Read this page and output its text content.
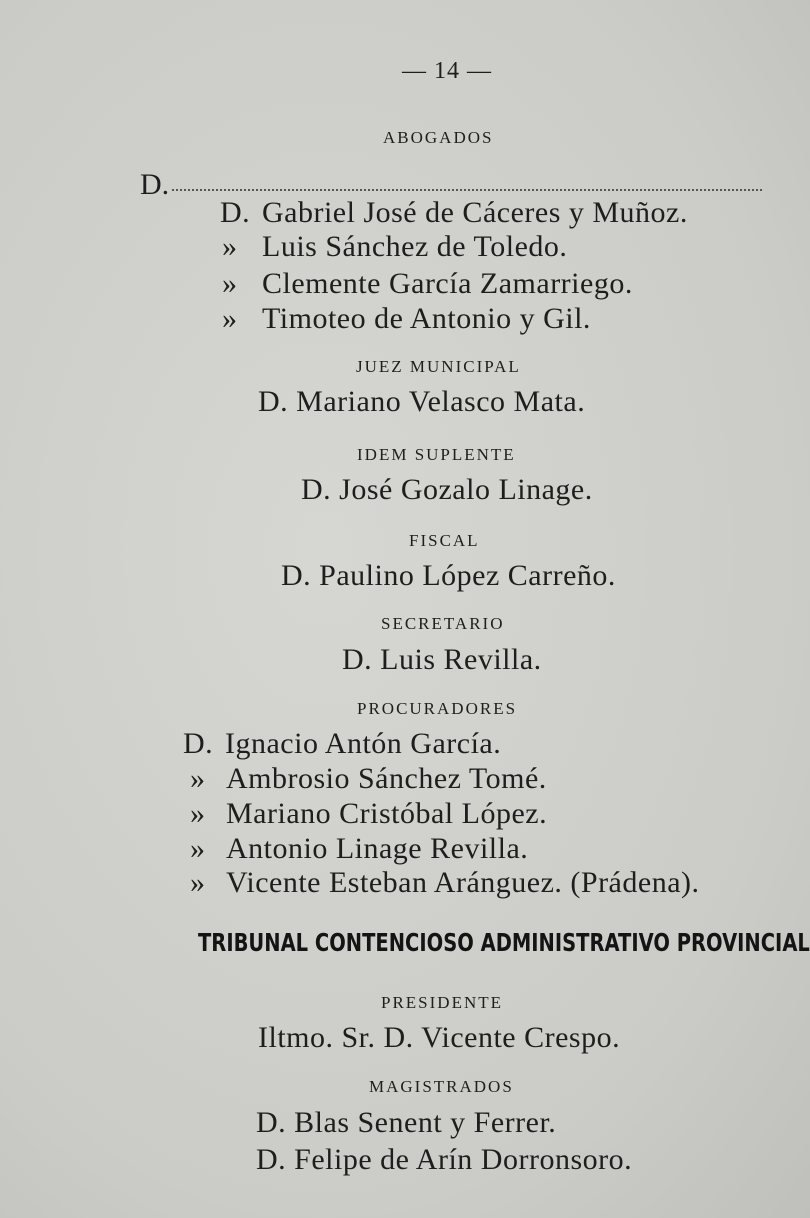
— 14 —
ABOGADOS
D.
D. Gabriel José de Cáceres y Muñoz.
» Luis Sánchez de Toledo.
» Clemente García Zamarriego.
» Timoteo de Antonio y Gil.
JUEZ MUNICIPAL
D. Mariano Velasco Mata.
IDEM SUPLENTE
D. José Gozalo Linage.
FISCAL
D. Paulino López Carreño.
SECRETARIO
D. Luis Revilla.
PROCURADORES
D. Ignacio Antón García.
» Ambrosio Sánchez Tomé.
» Mariano Cristóbal López.
» Antonio Linage Revilla.
» Vicente Esteban Aránguez. (Prádena).
TRIBUNAL CONTENCIOSO ADMINISTRATIVO PROVINCIAL
PRESIDENTE
Iltmo. Sr. D. Vicente Crespo.
MAGISTRADOS
D. Blas Senent y Ferrer.
D. Felipe de Arín Dorronsoro.
